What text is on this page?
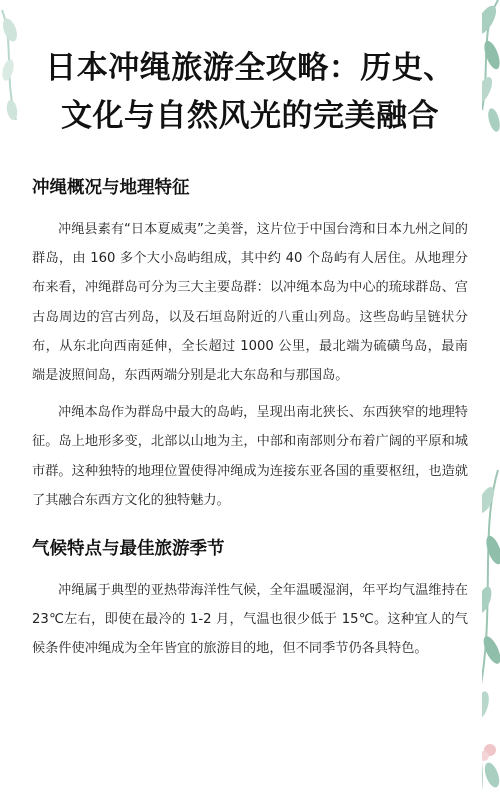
日本冲绳旅游全攻略：历史、
文化与自然风光的完美融合
冲绳概况与地理特征

冲绳县素有“日本夏威夷”之美誉，这片位于中国台湾和日本九州之间的群岛，由 160 多个大小岛屿组成，其中约 40 个岛屿有人居住。从地理分布来看，冲绳群岛可分为三大主要岛群：以冲绳本岛为中心的琉球群岛、宫古岛周边的宫古列岛，以及石垣岛附近的八重山列岛。这些岛屿呈链状分布，从东北向西南延伸，全长超过 1000 公里，最北端为硫磺鸟岛，最南端是波照间岛，东西两端分别是北大东岛和与那国岛。

冲绳本岛作为群岛中最大的岛屿，呈现出南北狭长、东西狭窄的地理特征。岛上地形多变，北部以山地为主，中部和南部则分布着广阔的平原和城市群。这种独特的地理位置使得冲绳成为连接东亚各国的重要枢纽，也造就了其融合东西方文化的独特魅力。

气候特点与最佳旅游季节

冲绳属于典型的亚热带海洋性气候，全年温暖湿润，年平均气温维持在 23℃左右，即使在最冷的 1-2 月，气温也很少低于 15℃。这种宜人的气候条件使冲绳成为全年皆宜的旅游目的地，但不同季节仍各具特色。
